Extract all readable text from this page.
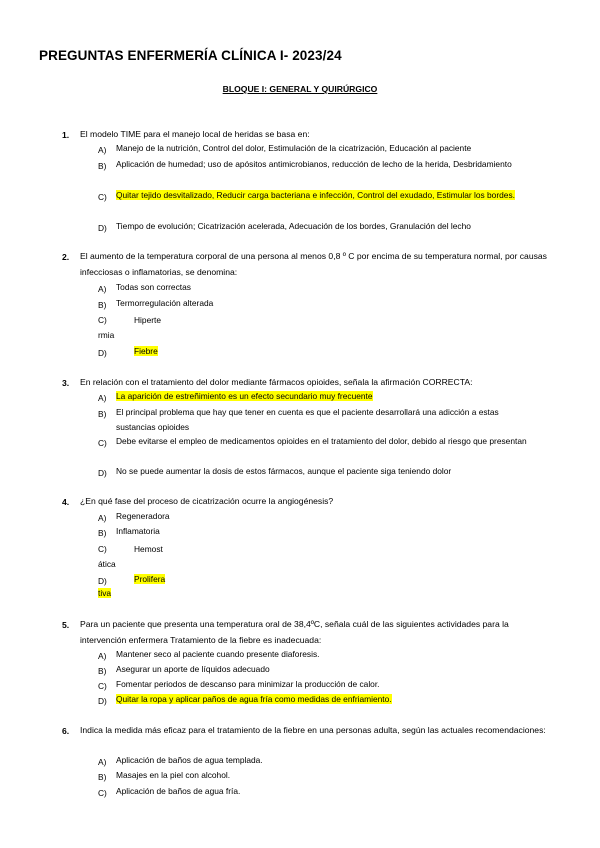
PREGUNTAS ENFERMERÍA CLÍNICA I- 2023/24
BLOQUE I: GENERAL Y QUIRÚRGICO
1. El modelo TIME para el manejo local de heridas se basa en:
A) Manejo de la nutrición, Control del dolor, Estimulación de la cicatrización, Educación al paciente
B) Aplicación de humedad; uso de apósitos antimicrobianos, reducción de lecho de la herida, Desbridamiento
C) Quitar tejido desvitalizado, Reducir carga bacteriana e infección, Control del exudado, Estimular los bordes.
D) Tiempo de evolución; Cicatrización acelerada, Adecuación de los bordes, Granulación del lecho
2. El aumento de la temperatura corporal de una persona al menos 0,8 º C por encima de su temperatura normal, por causas infecciosas o inflamatorias, se denomina:
A) Todas son correctas
B) Termorregulación alterada
C)	Hiperte
rmia
D)	Fiebre
3. En relación con el tratamiento del dolor mediante fármacos opioides, señala la afirmación CORRECTA:
A) La aparición de estreñimiento es un efecto secundario muy frecuente
B) El principal problema que hay que tener en cuenta es que el paciente desarrollará una adicción a estas sustancias opioides
C) Debe evitarse el empleo de medicamentos opioides en el tratamiento del dolor, debido al riesgo que presentan
D) No se puede aumentar la dosis de estos fármacos, aunque el paciente siga teniendo dolor
4. ¿En qué fase del proceso de cicatrización ocurre la angiogénesis?
A) Regeneradora
B) Inflamatoria
C)	Hemost
ática
D)	Prolifera
tiva
5. Para un paciente que presenta una temperatura oral de 38,4ºC, señala cuál de las siguientes actividades para la intervención enfermera Tratamiento de la fiebre es inadecuada:
A) Mantener seco al paciente cuando presente diaforesis.
B) Asegurar un aporte de líquidos adecuado
C) Fomentar periodos de descanso para minimizar la producción de calor.
D) Quitar la ropa y aplicar paños de agua fría como medidas de enfriamiento.
6. Indica la medida más eficaz para el tratamiento de la fiebre en una personas adulta, según las actuales recomendaciones:
A) Aplicación de baños de agua templada.
B) Masajes en la piel con alcohol.
C) Aplicación de baños de agua fría.
